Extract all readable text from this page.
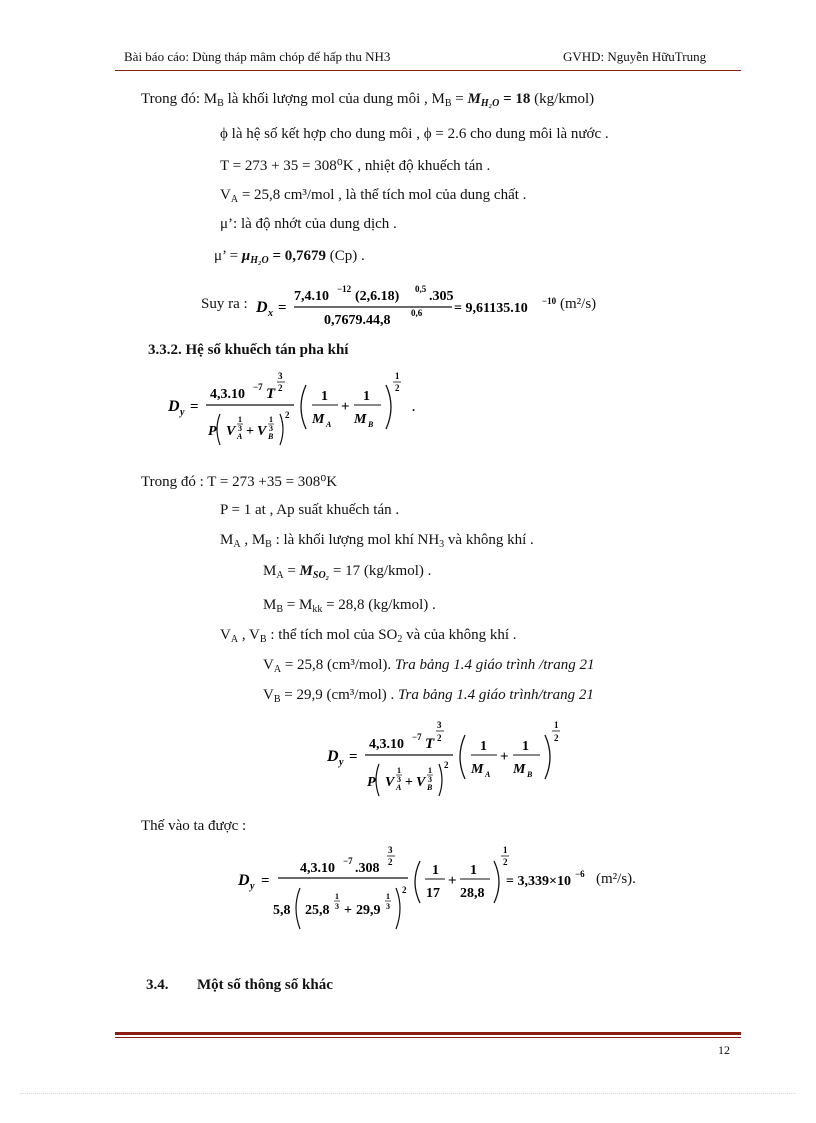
Bài báo cáo: Dùng tháp mâm chóp để hấp thu NH3	GVHD: Nguyễn HữuTrung
Trong đó: $M_B$ là khối lượng mol của dung môi , $M_B = M_{H_2O} = 18$ (kg/kmol)
ϕ là hệ số kết hợp cho dung môi , ϕ = 2.6 cho dung môi là nước .
T = 273 + 35 = 308⁰K , nhiệt độ khuếch tán .
$V_A = 25,8$ cm³/mol , là thể tích mol của dung chất .
μ’: là độ nhớt của dung dịch .
μ’ = $\mu_{H_2O} = 0,7679$ (Cp) .
Suy ra : D x =
7,4.10 −12 (2,6.18) 0,5 .305
0,7679.44,8 0,6 = 9,61135.10 −10 (m²/s)
3.3.2. Hệ số khuếch tán pha khí
D y =
4,3.10 −7 T
3
2
P V A
1
3 + V B
1
3
2
1
M A
+
1
M B
1
2
.
Trong đó : T = 273 +35 = 308⁰K
P = 1 at , Ap suất khuếch tán .
$M_A$ , $M_B$ : là khối lượng mol khí $NH_3$ và không khí .
$M_A = M_{SO_2} = 17$ (kg/kmol) .
$M_B = M_{kk} = 28,8$ (kg/kmol) .
$V_A$ , $V_B$ : thể tích mol của $SO_2$ và của không khí .
$V_A = 25,8$ (cm³/mol). Tra bảng 1.4 giáo trình /trang 21
$V_B = 29,9$ (cm³/mol) . Tra bảng 1.4 giáo trình/trang 21
D y =
4,3.10 −7 T
3
2
P V A
1
3 + V B
1
3
2
1
M A
+
1
M B
1
2
Thế vào ta được :
D y =
4,3.10 −7 .308
3
2
5,8 25,8
1
3 + 29,9
1
3
2
1
17
+
1
28,8
1
2
= 3,339×10 −6 (m²/s).
3.4. Một số thông số khác
12
